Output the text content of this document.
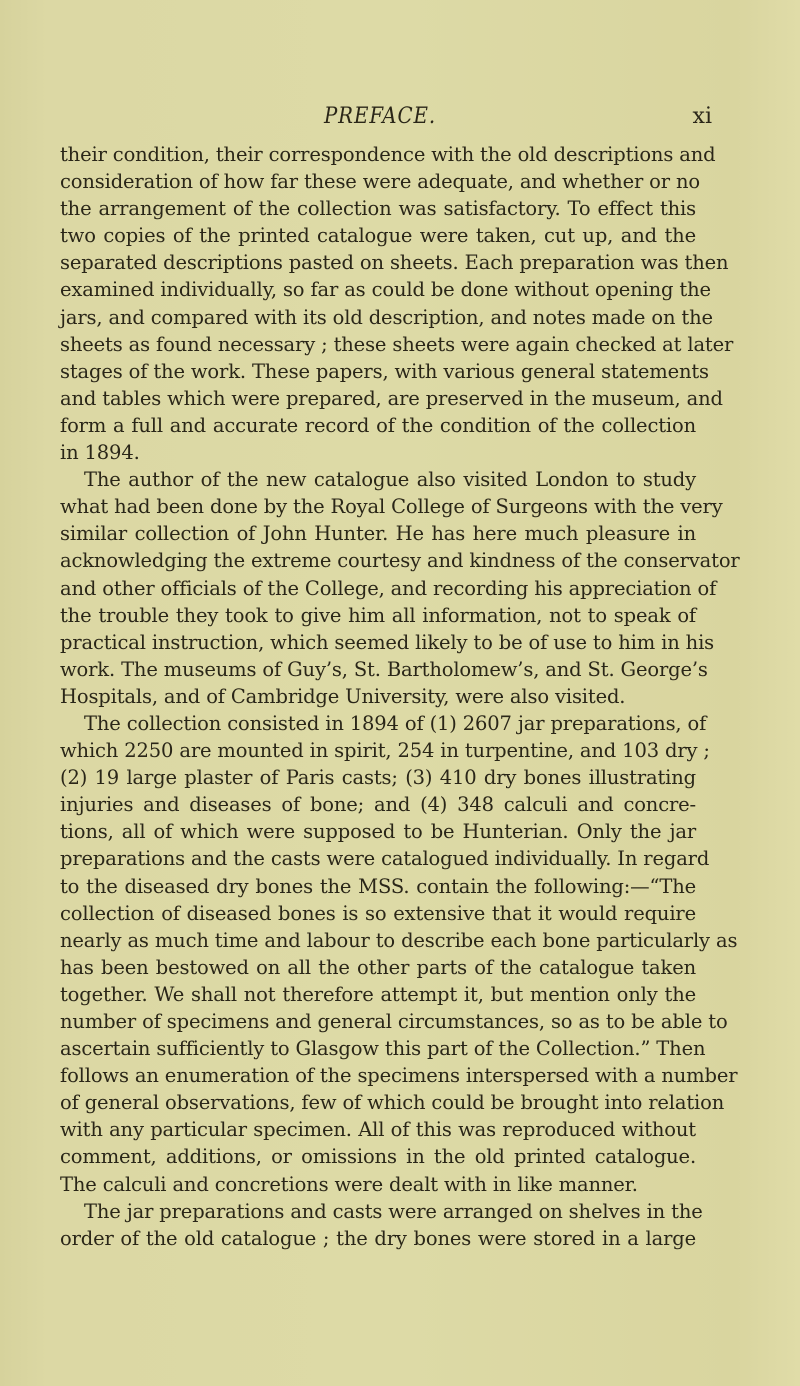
PREFACE.	xi
their condition, their correspondence with the old descriptions and
consideration of how far these were adequate, and whether or no
the arrangement of the collection was satisfactory. To effect this
two copies of the printed catalogue were taken, cut up, and the
separated descriptions pasted on sheets. Each preparation was then
examined individually, so far as could be done without opening the
jars, and compared with its old description, and notes made on the
sheets as found necessary ; these sheets were again checked at later
stages of the work. These papers, with various general statements
and tables which were prepared, are preserved in the museum, and
form a full and accurate record of the condition of the collection
in 1894.
The author of the new catalogue also visited London to study
what had been done by the Royal College of Surgeons with the very
similar collection of John Hunter. He has here much pleasure in
acknowledging the extreme courtesy and kindness of the conservator
and other officials of the College, and recording his appreciation of
the trouble they took to give him all information, not to speak of
practical instruction, which seemed likely to be of use to him in his
work. The museums of Guy’s, St. Bartholomew’s, and St. George’s
Hospitals, and of Cambridge University, were also visited.
The collection consisted in 1894 of (1) 2607 jar preparations, of
which 2250 are mounted in spirit, 254 in turpentine, and 103 dry ;
(2) 19 large plaster of Paris casts; (3) 410 dry bones illustrating
injuries and diseases of bone; and (4) 348 calculi and concre-
tions, all of which were supposed to be Hunterian. Only the jar
preparations and the casts were catalogued individually. In regard
to the diseased dry bones the MSS. contain the following:—“The
collection of diseased bones is so extensive that it would require
nearly as much time and labour to describe each bone particularly as
has been bestowed on all the other parts of the catalogue taken
together. We shall not therefore attempt it, but mention only the
number of specimens and general circumstances, so as to be able to
ascertain sufficiently to Glasgow this part of the Collection.” Then
follows an enumeration of the specimens interspersed with a number
of general observations, few of which could be brought into relation
with any particular specimen. All of this was reproduced without
comment, additions, or omissions in the old printed catalogue.
The calculi and concretions were dealt with in like manner.
The jar preparations and casts were arranged on shelves in the
order of the old catalogue ; the dry bones were stored in a large
